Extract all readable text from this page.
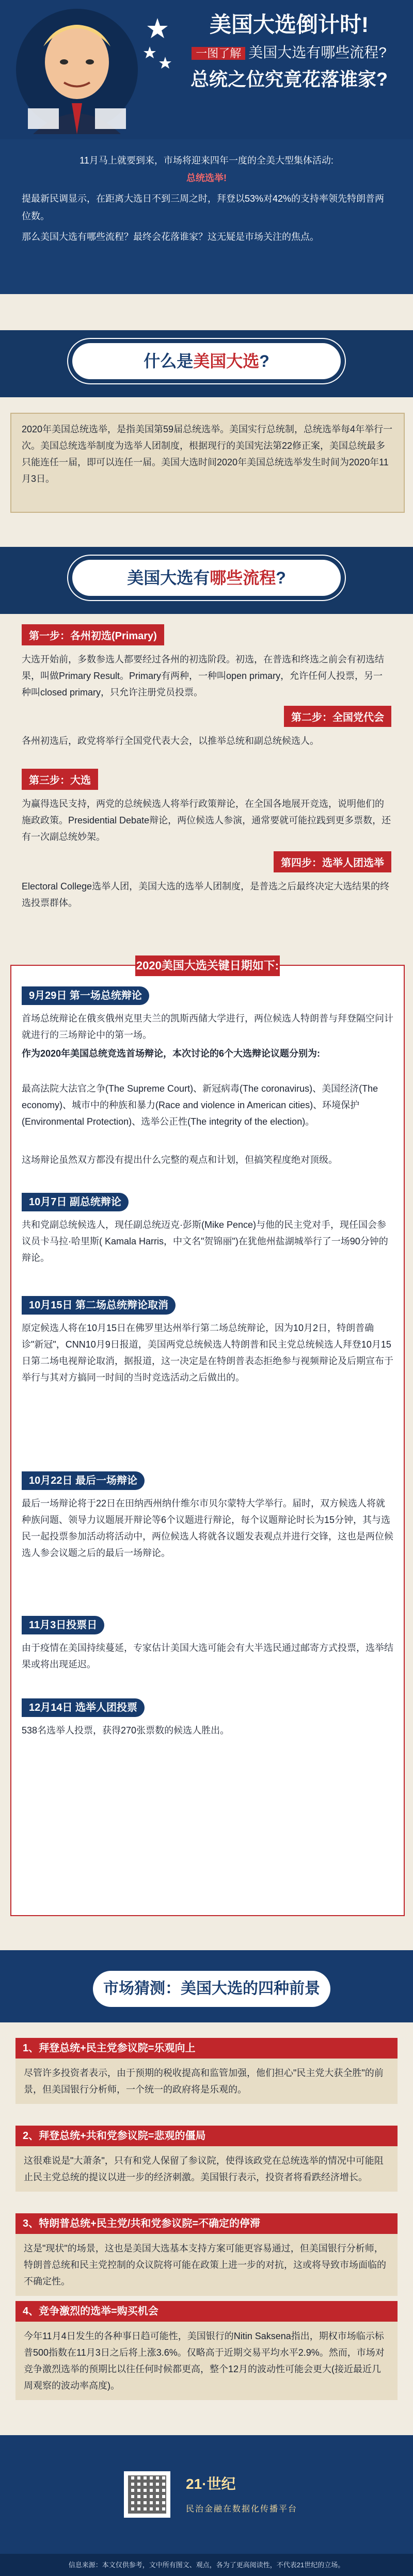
美国大选倒计时!
一图了解 美国大选有哪些流程?
总统之位究竟花落谁家?
11月马上就要到来，市场将迎来四年一度的全美大型集体活动:
总统选举!
提最新民调显示，在距离大选日不到三周之时，拜登以53%对42%的支持率领先特朗普两位数。
那么美国大选有哪些流程？最终会花落谁家？这无疑是市场关注的焦点。
什么是美国大选?
2020年美国总统选举，是指美国第59届总统选举。美国实行总统制，总统选举每4年举行一次。美国总统选举制度为选举人团制度，根据现行的美国宪法第22修正案，美国总统最多只能连任一届，即可以连任一届。美国大选时间2020年美国总统选举发生时间为2020年11月3日。
美国大选有哪些流程?
第一步：各州初选(Primary)
大选开始前，多数参选人都要经过各州的初选阶段。初选，在普选和终选之前会有初选结果，叫做Primary Result。Primary有两种，一种叫open primary，允许任何人投票，另一种叫closed primary，只允许注册党员投票。
第二步：全国党代会
各州初选后，政党将举行全国党代表大会，以推举总统和副总统候选人。
第三步：大选
为赢得选民支持，两党的总统候选人将举行政策辩论，在全国各地展开竞选，说明他们的施政政策。Presidential Debate辩论，两位候选人参演，通常要就可能拉践到更多票数，还有一次副总统妙架。
第四步：选举人团选举
Electoral College选举人团，美国大选的选举人团制度，是普选之后最终决定大选结果的终选投票群体。
2020美国大选关键日期如下:
9月29日 第一场总统辩论
首场总统辩论在俄亥俄州克里夫兰的凯斯西储大学进行，两位候选人特朗普与拜登隔空问计就进行的三场辩论中的第一场。
作为2020年美国总统竞选首场辩论，本次讨论的6个大选辩论议题分别为:
最高法院大法官之争(The Supreme Court)、新冠病毒(The coronavirus)、美国经济(The economy)、城市中的种族和暴力(Race and violence in American cities)、环境保护(Environmental Protection)、选举公正性(The integrity of the election)。
这场辩论虽然双方都没有提出什么完整的观点和计划，但搞笑程度绝对顶级。
10月7日 副总统辩论
共和党副总统候选人，现任副总统迈克·彭斯(Mike Pence)与他的民主党对手，现任国会参议员卡马拉·哈里斯( Kamala Harris，中文名"贺锦丽")在犹他州盐湖城举行了一场90分钟的辩论。
10月15日 第二场总统辩论取消
原定候选人将在10月15日在佛罗里达州举行第二场总统辩论，因为10月2日，特朗普确诊"新冠"，CNN10月9日报道，美国两党总统候选人特朗普和民主党总统候选人拜登10月15日第二场电视辩论取消，据报道，这一决定是在特朗普表态拒绝参与视频辩论及后期宣布于举行与其对方搞同一时间的当时竞选活动之后做出的。
10月22日 最后一场辩论
最后一场辩论将于22日在田纳西州纳什维尔市贝尔蒙特大学举行。届时，双方候选人将就种族问题、领导力议题展开辩论等6个议题进行辩论，每个议题辩论时长为15分钟，其与选民一起投票参加活动将活动中，两位候选人将就各议题发表观点并进行交锋，这也是两位候选人参会议题之后的最后一场辩论。
11月3日投票日
由于疫情在美国持续蔓延，专家估计美国大选可能会有大半选民通过邮寄方式投票，选举结果或将出现延迟。
12月14日 选举人团投票
538名选举人投票，获得270张票数的候选人胜出。
市场猜测：美国大选的四种前景
1、拜登总统+民主党参议院=乐观向上
尽管许多投资者表示，由于预期的税收提高和监管加强，他们担心"民主党大获全胜"的前景，但美国银行分析师，一个统一的政府将是乐观的。
2、拜登总统+共和党参议院=悲观的僵局
这很难说是"大萧条"，只有和党人保留了参议院，使得该政党在总统选举的情况中可能阻止民主党总统的提议以进一步的经济刺激。美国银行表示，投资者将看跌经济增长。
3、特朗普总统+民主党/共和党参议院=不确定的停滞
这是"现状"的场景，这也是美国大选基本支持方案可能更容易通过，但美国银行分析师，特朗普总统和民主党控制的众议院将可能在政策上进一步的对抗，这或将导致市场面临的不确定性。
4、竞争激烈的选举=购买机会
今年11月4日发生的各种事日趋可能性，美国银行的Nitin Saksena指出，期权市场临示标普500指数在11月3日之后将上涨3.6%。仅略高于近期交易平均水平2.9%。然而，市场对竞争激烈选举的预期比以往任何时候都更高，整个12月的波动性可能会更大(接近最近几周观察的波动率高度)。
21·世纪
民治金融在数据化传播平台
信息来源：本文仅供参考，文中所有图文、观点，各为了更高阅读性，不代表21世纪的立场。
